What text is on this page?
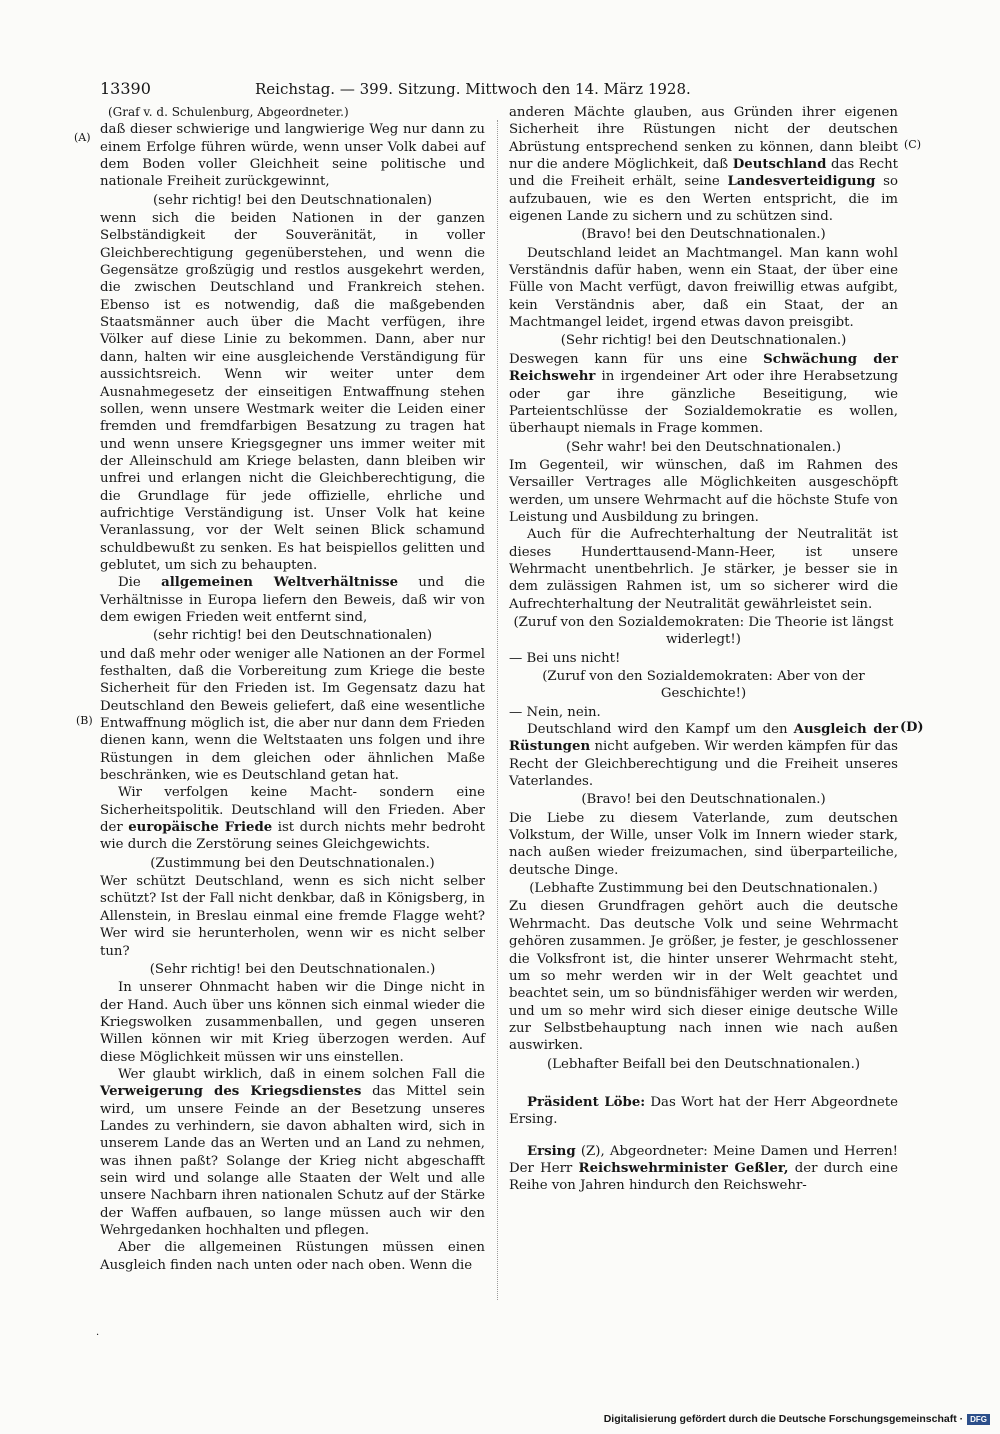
13390	Reichstag. — 399. Sitzung. Mittwoch den 14. März 1928.
(A)
(B)
(C)
(D)

(Graf v. d. Schulenburg, Abgeordneter.)

daß dieser schwierige und langwierige Weg nur dann zu einem Erfolge führen würde, wenn unser Volk dabei auf dem Boden voller Gleichheit seine politische und nationale Freiheit zurückgewinnt,

(sehr richtig! bei den Deutschnationalen)

wenn sich die beiden Nationen in der ganzen Selbständigkeit der Souveränität, in voller Gleichberechtigung gegenüberstehen, und wenn die Gegensätze großzügig und restlos ausgekehrt werden, die zwischen Deutschland und Frankreich stehen. Ebenso ist es notwendig, daß die maßgebenden Staatsmänner auch über die Macht verfügen, ihre Völker auf diese Linie zu bekommen. Dann, aber nur dann, halten wir eine ausgleichende Verständigung für aussichtsreich. Wenn wir weiter unter dem Ausnahmegesetz der einseitigen Entwaffnung stehen sollen, wenn unsere Westmark weiter die Leiden einer fremden und fremdfarbigen Besatzung zu tragen hat und wenn unsere Kriegsgegner uns immer weiter mit der Alleinschuld am Kriege belasten, dann bleiben wir unfrei und erlangen nicht die Gleichberechtigung, die die Grundlage für jede offizielle, ehrliche und aufrichtige Verständigung ist. Unser Volk hat keine Veranlassung, vor der Welt seinen Blick schamund schuldbewußt zu senken. Es hat beispiellos gelitten und geblutet, um sich zu behaupten.

Die allgemeinen Weltverhältnisse und die Verhältnisse in Europa liefern den Beweis, daß wir von dem ewigen Frieden weit entfernt sind,

(sehr richtig! bei den Deutschnationalen)

und daß mehr oder weniger alle Nationen an der Formel festhalten, daß die Vorbereitung zum Kriege die beste Sicherheit für den Frieden ist. Im Gegensatz dazu hat Deutschland den Beweis geliefert, daß eine wesentliche Entwaffnung möglich ist, die aber nur dann dem Frieden dienen kann, wenn die Weltstaaten uns folgen und ihre Rüstungen in dem gleichen oder ähnlichen Maße beschränken, wie es Deutschland getan hat.

Wir verfolgen keine Macht- sondern eine Sicherheitspolitik. Deutschland will den Frieden. Aber der europäische Friede ist durch nichts mehr bedroht wie durch die Zerstörung seines Gleichgewichts.

(Zustimmung bei den Deutschnationalen.)

Wer schützt Deutschland, wenn es sich nicht selber schützt? Ist der Fall nicht denkbar, daß in Königsberg, in Allenstein, in Breslau einmal eine fremde Flagge weht? Wer wird sie herunterholen, wenn wir es nicht selber tun?

(Sehr richtig! bei den Deutschnationalen.)

In unserer Ohnmacht haben wir die Dinge nicht in der Hand. Auch über uns können sich einmal wieder die Kriegswolken zusammenballen, und gegen unseren Willen können wir mit Krieg überzogen werden. Auf diese Möglichkeit müssen wir uns einstellen.

Wer glaubt wirklich, daß in einem solchen Fall die Verweigerung des Kriegsdienstes das Mittel sein wird, um unsere Feinde an der Besetzung unseres Landes zu verhindern, sie davon abhalten wird, sich in unserem Lande das an Werten und an Land zu nehmen, was ihnen paßt? Solange der Krieg nicht abgeschafft sein wird und solange alle Staaten der Welt und alle unsere Nachbarn ihren nationalen Schutz auf der Stärke der Waffen aufbauen, so lange müssen auch wir den Wehrgedanken hochhalten und pflegen.

Aber die allgemeinen Rüstungen müssen einen Ausgleich finden nach unten oder nach oben. Wenn die

anderen Mächte glauben, aus Gründen ihrer eigenen Sicherheit ihre Rüstungen nicht der deutschen Abrüstung entsprechend senken zu können, dann bleibt nur die andere Möglichkeit, daß Deutschland das Recht und die Freiheit erhält, seine Landesverteidigung so aufzubauen, wie es den Werten entspricht, die im eigenen Lande zu sichern und zu schützen sind.

(Bravo! bei den Deutschnationalen.)

Deutschland leidet an Machtmangel. Man kann wohl Verständnis dafür haben, wenn ein Staat, der über eine Fülle von Macht verfügt, davon freiwillig etwas aufgibt, kein Verständnis aber, daß ein Staat, der an Machtmangel leidet, irgend etwas davon preisgibt.

(Sehr richtig! bei den Deutschnationalen.)

Deswegen kann für uns eine Schwächung der Reichswehr in irgendeiner Art oder ihre Herabsetzung oder gar ihre gänzliche Beseitigung, wie Parteientschlüsse der Sozialdemokratie es wollen, überhaupt niemals in Frage kommen.

(Sehr wahr! bei den Deutschnationalen.)

Im Gegenteil, wir wünschen, daß im Rahmen des Versailler Vertrages alle Möglichkeiten ausgeschöpft werden, um unsere Wehrmacht auf die höchste Stufe von Leistung und Ausbildung zu bringen.

Auch für die Aufrechterhaltung der Neutralität ist dieses Hunderttausend-Mann-Heer, ist unsere Wehrmacht unentbehrlich. Je stärker, je besser sie in dem zulässigen Rahmen ist, um so sicherer wird die Aufrechterhaltung der Neutralität gewährleistet sein.

(Zuruf von den Sozialdemokraten: Die Theorie ist längst widerlegt!)

— Bei uns nicht!

(Zuruf von den Sozialdemokraten: Aber von der Geschichte!)

— Nein, nein.

Deutschland wird den Kampf um den Ausgleich der Rüstungen nicht aufgeben. Wir werden kämpfen für das Recht der Gleichberechtigung und die Freiheit unseres Vaterlandes.

(Bravo! bei den Deutschnationalen.)

Die Liebe zu diesem Vaterlande, zum deutschen Volkstum, der Wille, unser Volk im Innern wieder stark, nach außen wieder freizumachen, sind überparteiliche, deutsche Dinge.

(Lebhafte Zustimmung bei den Deutschnationalen.)

Zu diesen Grundfragen gehört auch die deutsche Wehrmacht. Das deutsche Volk und seine Wehrmacht gehören zusammen. Je größer, je fester, je geschlossener die Volksfront ist, die hinter unserer Wehrmacht steht, um so mehr werden wir in der Welt geachtet und beachtet sein, um so bündnisfähiger werden wir werden, und um so mehr wird sich dieser einige deutsche Wille zur Selbstbehauptung nach innen wie nach außen auswirken.

(Lebhafter Beifall bei den Deutschnationalen.)

Präsident Löbe: Das Wort hat der Herr Abgeordnete Ersing.

Ersing (Z), Abgeordneter: Meine Damen und Herren! Der Herr Reichswehrminister Geßler, der durch eine Reihe von Jahren hindurch den Reichswehr-

·
Digitalisierung gefördert durch die Deutsche Forschungsgemeinschaft · DFG
